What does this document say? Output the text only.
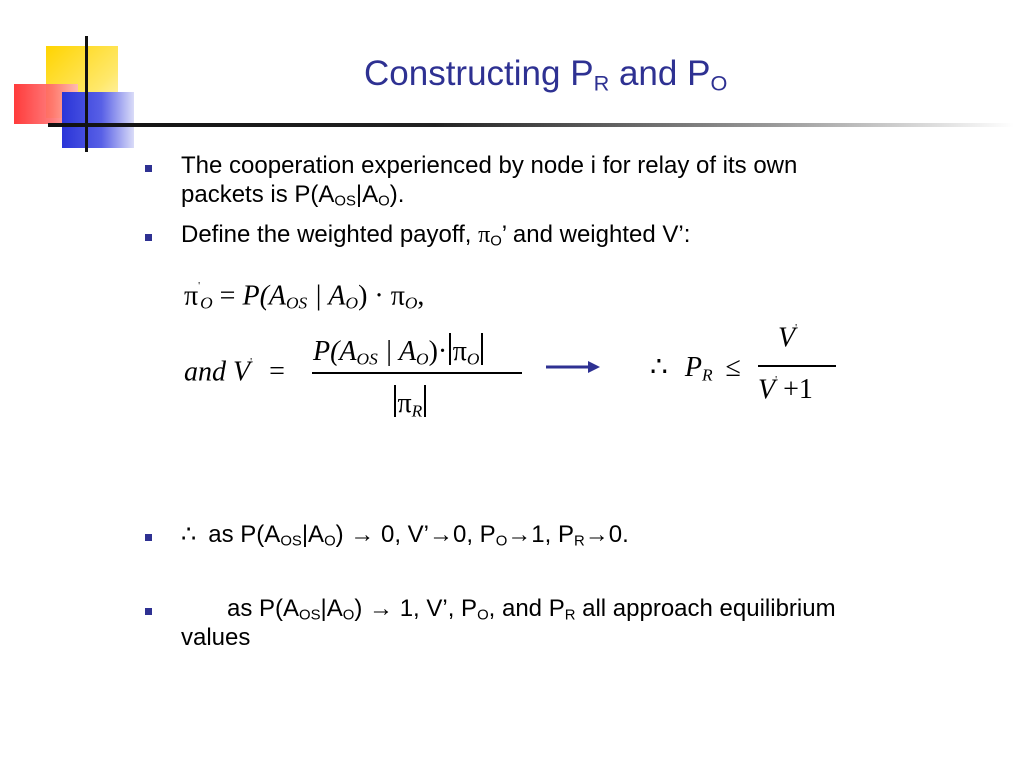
Constructing $P_R$ and $P_O$
The cooperation experienced by node i for relay of its own
packets is $P(A_{OS}|A_O)$.
Define the weighted payoff, $\pi_O$’ and weighted V’:
$\pi'_O = P(A_{OS}$ | $A_O) \cdot \pi_O$,
and V' =
$P(A_{OS}$ | $A_O)\cdot \pi_O$
$\pi_R$
∴ $P_R$ ≤
V'
V' +1
∴ as $P(A_{OS}|A_O) \to 0$, V’→0, $P_O\to 1$, $P_R\to 0$.
as $P(A_{OS}|A_O) \to 1$, V’, $P_O$, and $P_R$ all approach equilibrium
values
